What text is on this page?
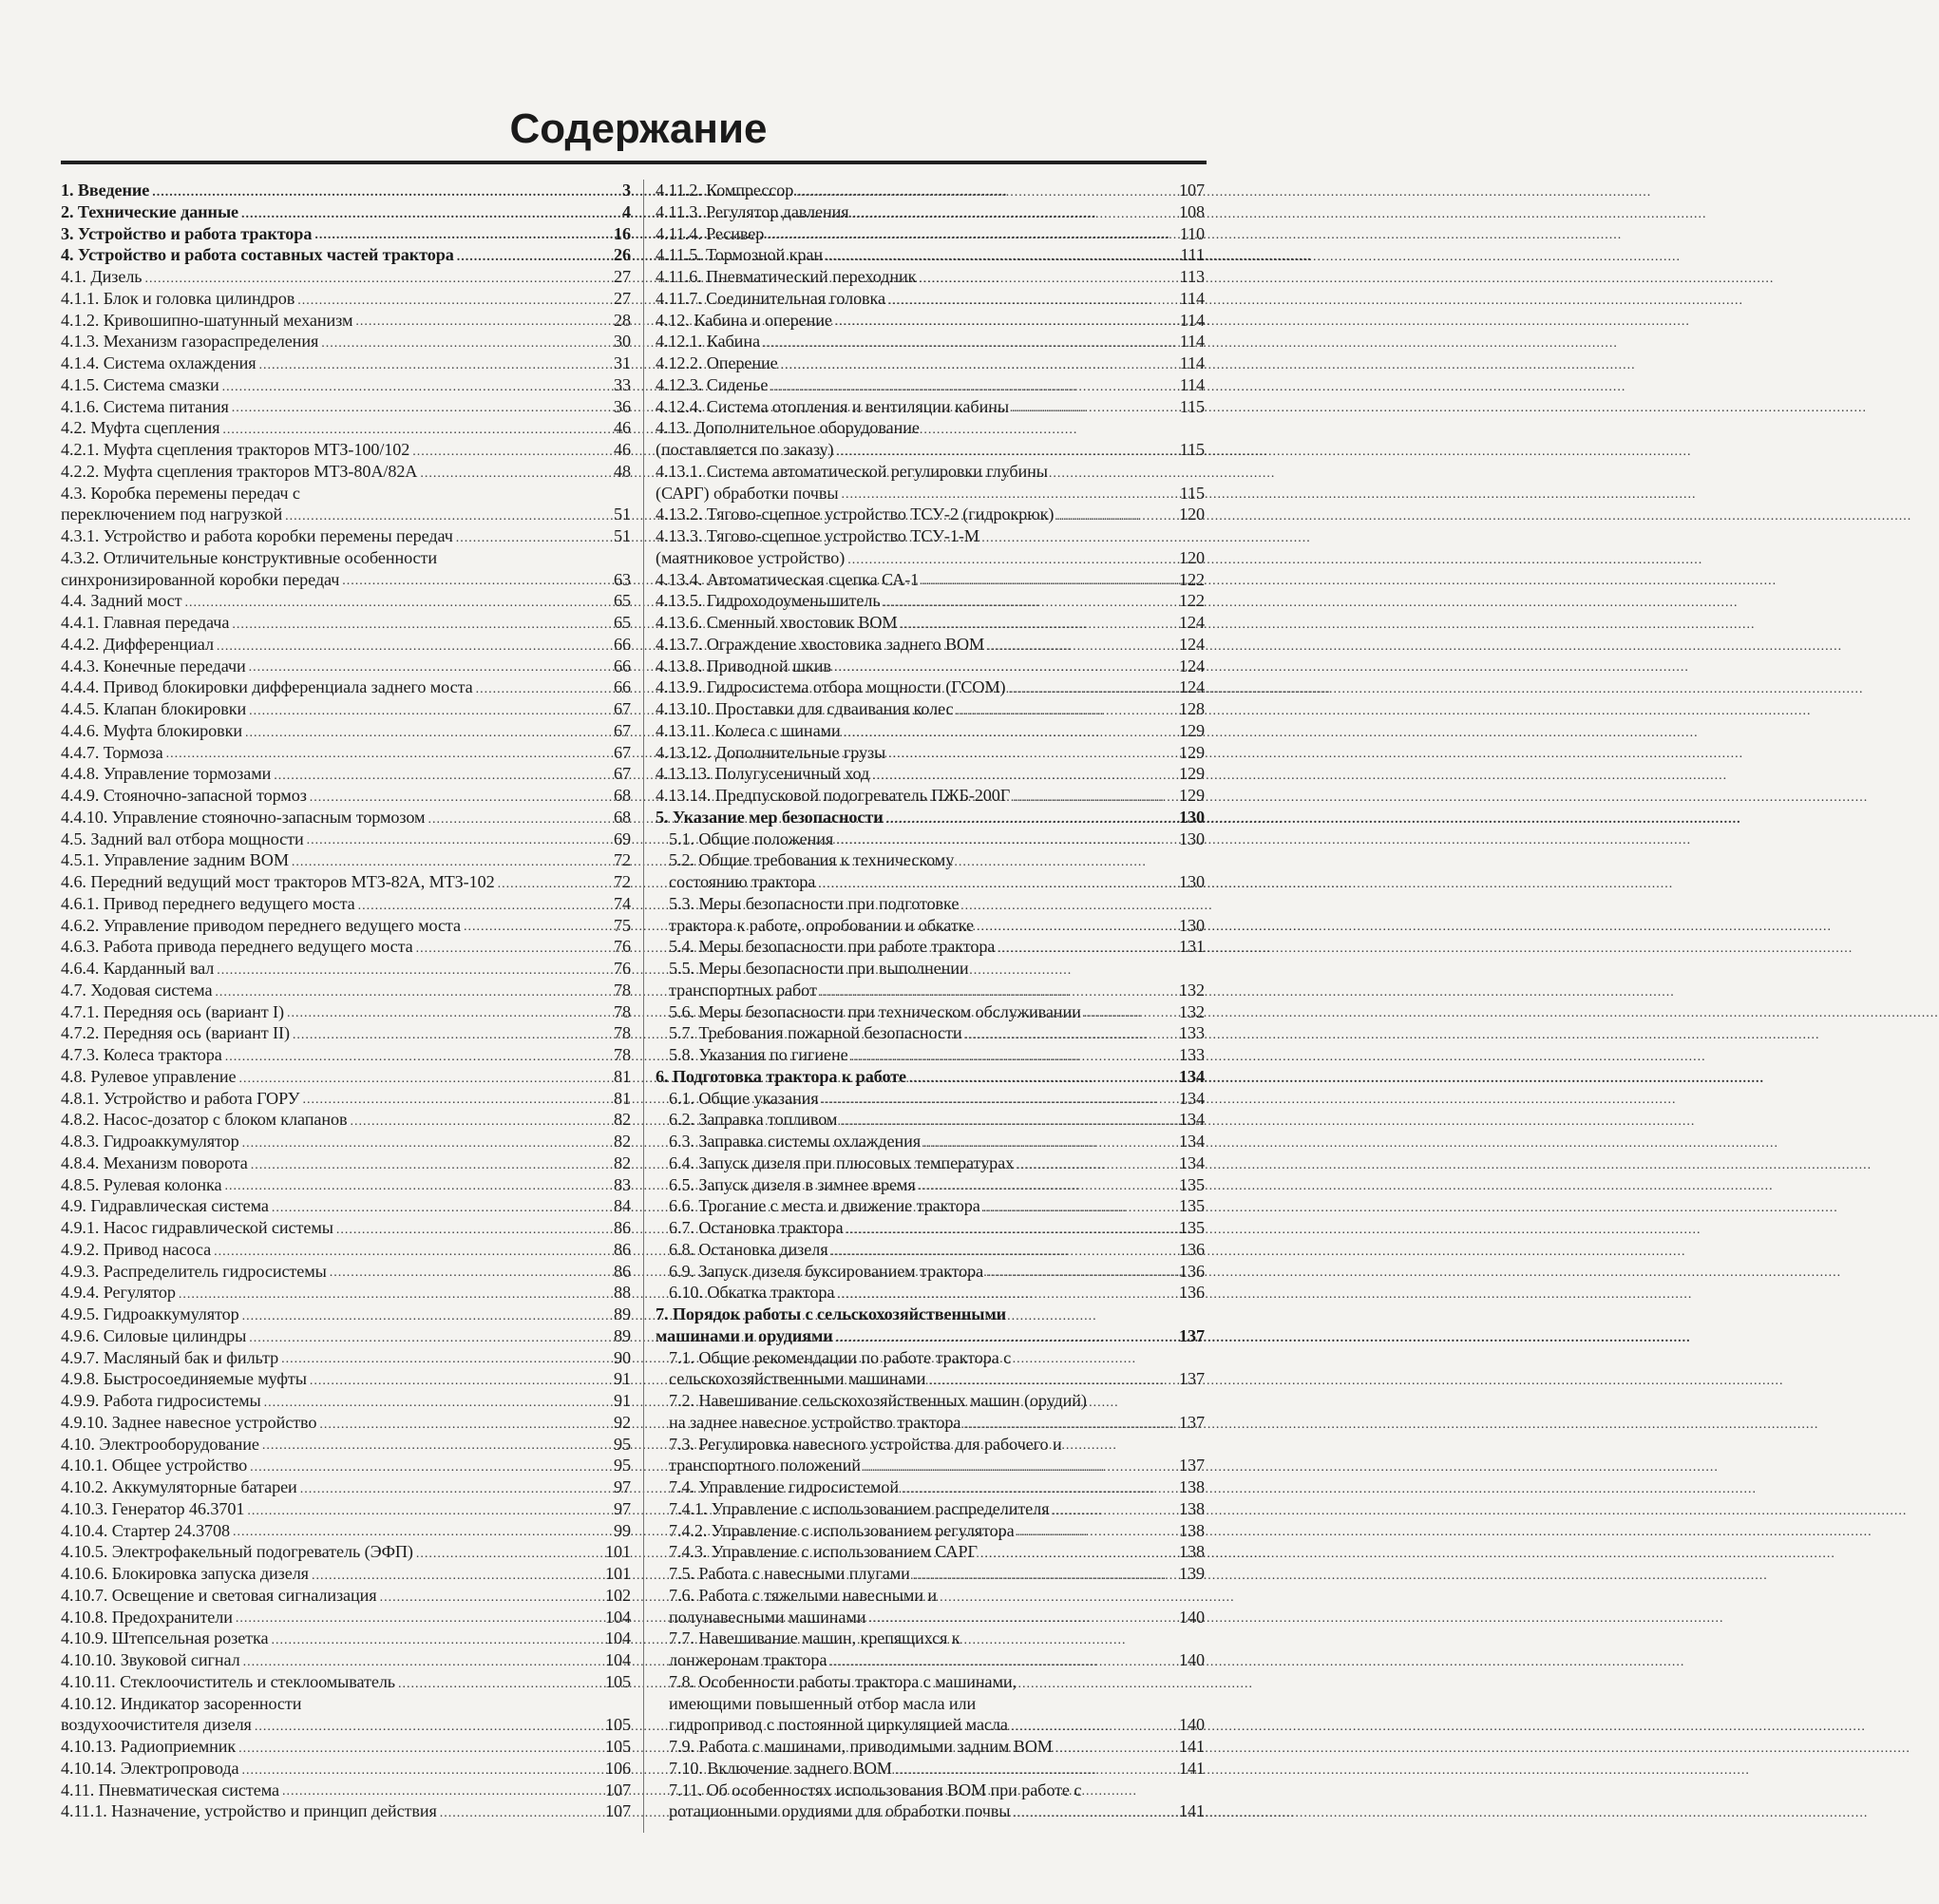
Содержание
1. Введение .....	3
2. Технические данные .....	4
3. Устройство и работа трактора .....	16
4. Устройство и работа составных частей трактора .....	26
4.1. Дизель .....	27
4.1.1. Блок и головка цилиндров .....	27
4.1.2. Кривошипно-шатунный механизм .....	28
4.1.3. Механизм газораспределения .....	30
4.1.4. Система охлаждения .....	31
4.1.5. Система смазки .....	33
4.1.6. Система питания .....	36
4.2. Муфта сцепления .....	46
4.2.1. Муфта сцепления тракторов МТЗ-100/102 .....	46
4.2.2. Муфта сцепления тракторов МТЗ-80А/82А .....	48
4.3. Коробка перемены передач с
переключением под нагрузкой .....	51
4.3.1. Устройство и работа коробки перемены передач .....	51
4.3.2. Отличительные конструктивные особенности
синхронизированной коробки передач .....	63
4.4. Задний мост .....	65
4.4.1. Главная передача .....	65
4.4.2. Дифференциал .....	66
4.4.3. Конечные передачи .....	66
4.4.4. Привод блокировки дифференциала заднего моста .....	66
4.4.5. Клапан блокировки .....	67
4.4.6. Муфта блокировки .....	67
4.4.7. Тормоза .....	67
4.4.8. Управление тормозами .....	67
4.4.9. Стояночно-запасной тормоз .....	68
4.4.10. Управление стояночно-запасным тормозом .....	68
4.5. Задний вал отбора мощности .....	69
4.5.1. Управление задним ВОМ .....	72
4.6. Передний ведущий мост тракторов МТЗ-82А, МТЗ-102 .....	72
4.6.1. Привод переднего ведущего моста .....	74
4.6.2. Управление приводом переднего ведущего моста .....	75
4.6.3. Работа привода переднего ведущего моста .....	76
4.6.4. Карданный вал .....	76
4.7. Ходовая система .....	78
4.7.1. Передняя ось (вариант I) .....	78
4.7.2. Передняя ось (вариант II) .....	78
4.7.3. Колеса трактора .....	78
4.8. Рулевое управление .....	81
4.8.1. Устройство и работа ГОРУ .....	81
4.8.2. Насос-дозатор с блоком клапанов .....	82
4.8.3. Гидроаккумулятор .....	82
4.8.4. Механизм поворота .....	82
4.8.5. Рулевая колонка .....	83
4.9. Гидравлическая система .....	84
4.9.1. Насос гидравлической системы .....	86
4.9.2. Привод насоса .....	86
4.9.3. Распределитель гидросистемы .....	86
4.9.4. Регулятор .....	88
4.9.5. Гидроаккумулятор .....	89
4.9.6. Силовые цилиндры .....	89
4.9.7. Масляный бак и фильтр .....	90
4.9.8. Быстросоединяемые муфты .....	91
4.9.9. Работа гидросистемы .....	91
4.9.10. Заднее навесное устройство .....	92
4.10. Электрооборудование .....	95
4.10.1. Общее устройство .....	95
4.10.2. Аккумуляторные батареи .....	97
4.10.3. Генератор 46.3701 .....	97
4.10.4. Стартер 24.3708 .....	99
4.10.5. Электрофакельный подогреватель (ЭФП) .....	101
4.10.6. Блокировка запуска дизеля .....	101
4.10.7. Освещение и световая сигнализация .....	102
4.10.8. Предохранители .....	104
4.10.9. Штепсельная розетка .....	104
4.10.10. Звуковой сигнал .....	104
4.10.11. Стеклоочиститель и стеклоомыватель .....	105
4.10.12. Индикатор засоренности
воздухоочистителя дизеля .....	105
4.10.13. Радиоприемник .....	105
4.10.14. Электропровода .....	106
4.11. Пневматическая система .....	107
4.11.1. Назначение, устройство и принцип действия .....	107
4.11.2. Компрессор .....	107
4.11.3. Регулятор давления .....	108
4.11.4. Ресивер .....	110
4.11.5. Тормозной кран .....	111
4.11.6. Пневматический переходник .....	113
4.11.7. Соединительная головка .....	114
4.12. Кабина и оперение .....	114
4.12.1. Кабина .....	114
4.12.2. Оперение .....	114
4.12.3. Сиденье .....	114
4.12.4. Система отопления и вентиляции кабины .....	115
4.13. Дополнительное оборудование
(поставляется по заказу) .....	115
4.13.1. Система автоматической регулировки глубины
(САРГ) обработки почвы .....	115
4.13.2. Тягово-сцепное устройство ТСУ-2 (гидрокрюк) .....	120
4.13.3. Тягово-сцепное устройство ТСУ-1-М
(маятниковое устройство) .....	120
4.13.4. Автоматическая сцепка СА-1 .....	122
4.13.5. Гидроходоуменьшитель .....	122
4.13.6. Сменный хвостовик ВОМ .....	124
4.13.7. Ограждение хвостовика заднего ВОМ .....	124
4.13.8. Приводной шкив .....	124
4.13.9. Гидросистема отбора мощности (ГСОМ) .....	124
4.13.10. Проставки для сдваивания колес .....	128
4.13.11. Колеса с шинами .....	129
4.13.12. Дополнительные грузы .....	129
4.13.13. Полугусеничный ход .....	129
4.13.14. Предпусковой подогреватель ПЖБ-200Г .....	129
5. Указание мер безопасности .....	130
5.1. Общие положения .....	130
5.2. Общие требования к техническому
состоянию трактора .....	130
5.3. Меры безопасности при подготовке
трактора к работе, опробовании и обкатке .....	130
5.4. Меры безопасности при работе трактора .....	131
5.5. Меры безопасности при выполнении
транспортных работ .....	132
5.6. Меры безопасности при техническом обслуживании .....	132
5.7. Требования пожарной безопасности .....	133
5.8. Указания по гигиене .....	133
6. Подготовка трактора к работе .....	134
6.1. Общие указания .....	134
6.2. Заправка топливом .....	134
6.3. Заправка системы охлаждения .....	134
6.4. Запуск дизеля при плюсовых температурах .....	134
6.5. Запуск дизеля в зимнее время .....	135
6.6. Трогание с места и движение трактора .....	135
6.7. Остановка трактора .....	135
6.8. Остановка дизеля .....	136
6.9. Запуск дизеля буксированием трактора .....	136
6.10. Обкатка трактора .....	136
7. Порядок работы с сельскохозяйственными
машинами и орудиями .....	137
7.1. Общие рекомендации по работе трактора с
сельскохозяйственными машинами .....	137
7.2. Навешивание сельскохозяйственных машин (орудий)
на заднее навесное устройство трактора .....	137
7.3. Регулировка навесного устройства для рабочего и
транспортного положений .....	137
7.4. Управление гидросистемой .....	138
7.4.1. Управление с использованием распределителя .....	138
7.4.2. Управление с использованием регулятора .....	138
7.4.3. Управление с использованием САРГ .....	138
7.5. Работа с навесными плугами .....	139
7.6. Работа с тяжелыми навесными и
полунавесными машинами .....	140
7.7. Навешивание машин, крепящихся к
лонжеронам трактора .....	140
7.8. Особенности работы трактора с машинами,
имеющими повышенный отбор масла или
гидропривод с постоянной циркуляцией масла .....	140
7.9. Работа с машинами, приводимыми задним ВОМ .....	141
7.10. Включение заднего ВОМ .....	141
7.11. Об особенностях использования ВОМ при работе с
ротационными орудиями для обработки почвы .....	141
